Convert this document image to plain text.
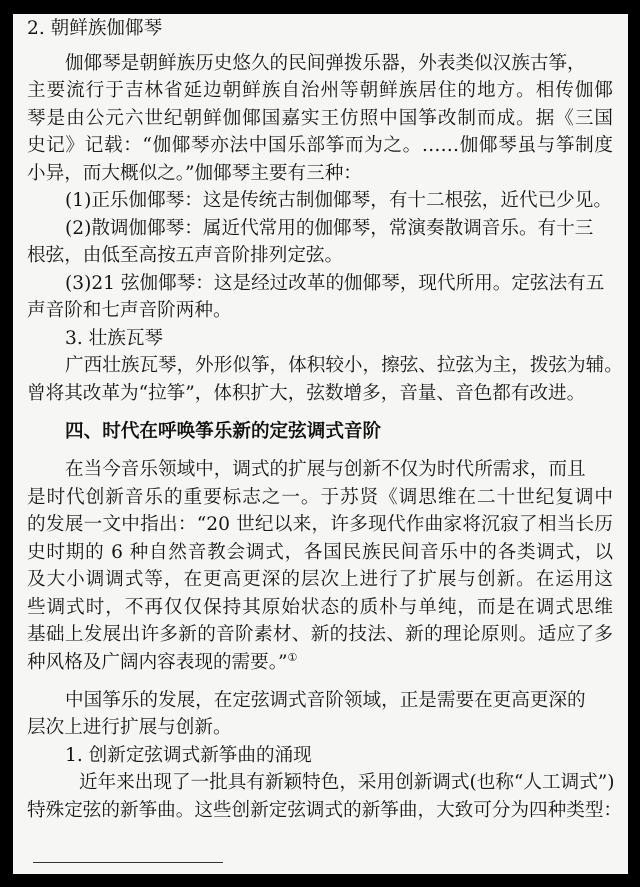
2. 朝鲜族伽倻琴
伽倻琴是朝鲜族历史悠久的民间弹拨乐器，外表类似汉族古筝，
主要流行于吉林省延边朝鲜族自治州等朝鲜族居住的地方。相传伽倻
琴是由公元六世纪朝鲜伽倻国嘉实王仿照中国筝改制而成。据《三国
史记》记载：“伽倻琴亦法中国乐部筝而为之。……伽倻琴虽与筝制度
小异，而大概似之。”伽倻琴主要有三种：
(1)正乐伽倻琴：这是传统古制伽倻琴，有十二根弦，近代已少见。
(2)散调伽倻琴：属近代常用的伽倻琴，常演奏散调音乐。有十三
根弦，由低至高按五声音阶排列定弦。
(3)21 弦伽倻琴：这是经过改革的伽倻琴，现代所用。定弦法有五
声音阶和七声音阶两种。
3. 壮族瓦琴
广西壮族瓦琴，外形似筝，体积较小，擦弦、拉弦为主，拨弦为辅。
曾将其改革为“拉筝”，体积扩大，弦数增多，音量、音色都有改进。
四、时代在呼唤筝乐新的定弦调式音阶
在当今音乐领域中，调式的扩展与创新不仅为时代所需求，而且
是时代创新音乐的重要标志之一。于苏贤《调思维在二十世纪复调中
的发展一文中指出：“20 世纪以来，许多现代作曲家将沉寂了相当长历
史时期的 6 种自然音教会调式，各国民族民间音乐中的各类调式，以
及大小调调式等，在更高更深的层次上进行了扩展与创新。在运用这
些调式时，不再仅仅保持其原始状态的质朴与单纯，而是在调式思维
基础上发展出许多新的音阶素材、新的技法、新的理论原则。适应了多
种风格及广阔内容表现的需要。”①
中国筝乐的发展，在定弦调式音阶领域，正是需要在更高更深的
层次上进行扩展与创新。
1. 创新定弦调式新筝曲的涌现
近年来出现了一批具有新颖特色，采用创新调式(也称“人工调式”)
特殊定弦的新筝曲。这些创新定弦调式的新筝曲，大致可分为四种类型：
